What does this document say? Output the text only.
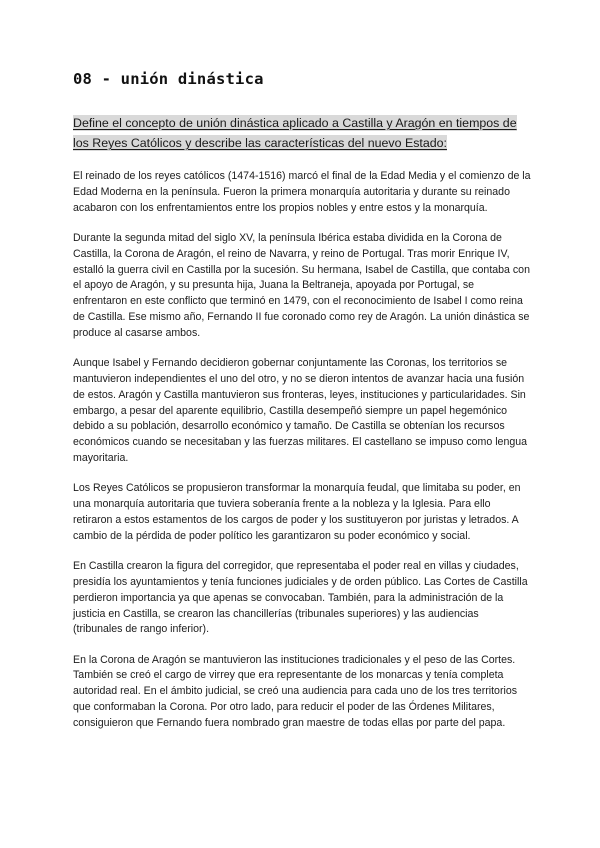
08 - unión dinástica

Define el concepto de unión dinástica aplicado a Castilla y Aragón en tiempos de los Reyes Católicos y describe las características del nuevo Estado:

El reinado de los reyes católicos (1474-1516) marcó el final de la Edad Media y el comienzo de la Edad Moderna en la península. Fueron la primera monarquía autoritaria y durante su reinado acabaron con los enfrentamientos entre los propios nobles y entre estos y la monarquía.

Durante la segunda mitad del siglo XV, la península Ibérica estaba dividida en la Corona de Castilla, la Corona de Aragón, el reino de Navarra, y reino de Portugal. Tras morir Enrique IV, estalló la guerra civil en Castilla por la sucesión. Su hermana, Isabel de Castilla, que contaba con el apoyo de Aragón, y su presunta hija, Juana la Beltraneja, apoyada por Portugal, se enfrentaron en este conflicto que terminó en 1479, con el reconocimiento de Isabel I como reina de Castilla. Ese mismo año, Fernando II fue coronado como rey de Aragón. La unión dinástica se produce al casarse ambos.

Aunque Isabel y Fernando decidieron gobernar conjuntamente las Coronas, los territorios se mantuvieron independientes el uno del otro, y no se dieron intentos de avanzar hacia una fusión de estos. Aragón y Castilla mantuvieron sus fronteras, leyes, instituciones y particularidades. Sin embargo, a pesar del aparente equilibrio, Castilla desempeñó siempre un papel hegemónico debido a su población, desarrollo económico y tamaño. De Castilla se obtenían los recursos económicos cuando se necesitaban y las fuerzas militares. El castellano se impuso como lengua mayoritaria.

Los Reyes Católicos se propusieron transformar la monarquía feudal, que limitaba su poder, en una monarquía autoritaria que tuviera soberanía frente a la nobleza y la Iglesia. Para ello retiraron a estos estamentos de los cargos de poder y los sustituyeron por juristas y letrados. A cambio de la pérdida de poder político les garantizaron su poder económico y social.

En Castilla crearon la figura del corregidor, que representaba el poder real en villas y ciudades, presidía los ayuntamientos y tenía funciones judiciales y de orden público. Las Cortes de Castilla perdieron importancia ya que apenas se convocaban. También, para la administración de la justicia en Castilla, se crearon las chancillerías (tribunales superiores) y las audiencias (tribunales de rango inferior).

En la Corona de Aragón se mantuvieron las instituciones tradicionales y el peso de las Cortes. También se creó el cargo de virrey que era representante de los monarcas y tenía completa autoridad real. En el ámbito judicial, se creó una audiencia para cada uno de los tres territorios que conformaban la Corona. Por otro lado, para reducir el poder de las Órdenes Militares, consiguieron que Fernando fuera nombrado gran maestre de todas ellas por parte del papa.
